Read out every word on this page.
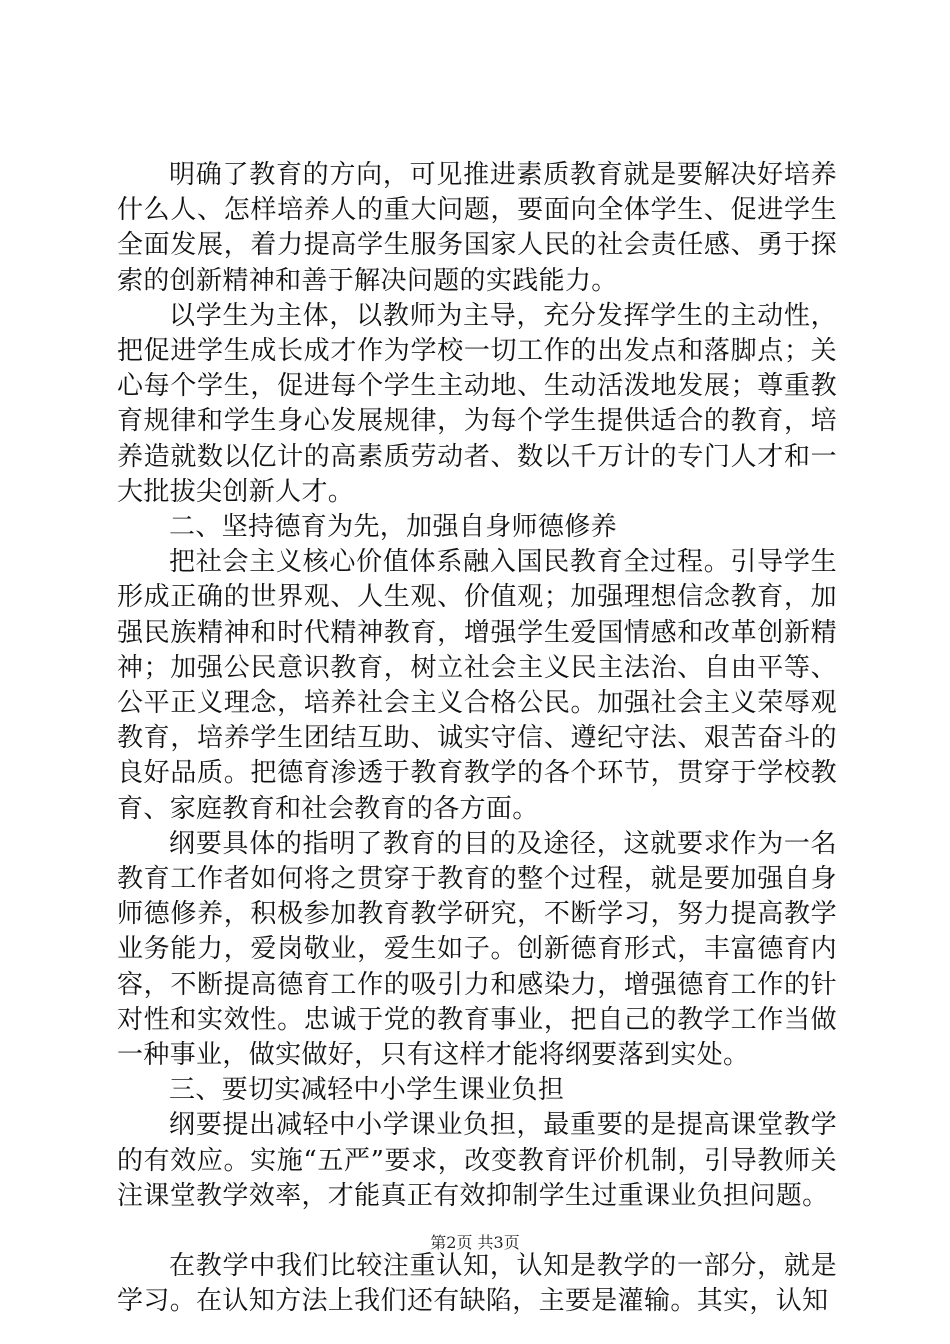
明确了教育的方向，可见推进素质教育就是要解决好培养什么人、怎样培养人的重大问题，要面向全体学生、促进学生全面发展，着力提高学生服务国家人民的社会责任感、勇于探索的创新精神和善于解决问题的实践能力。

以学生为主体，以教师为主导，充分发挥学生的主动性，把促进学生成长成才作为学校一切工作的出发点和落脚点；关心每个学生，促进每个学生主动地、生动活泼地发展；尊重教育规律和学生身心发展规律，为每个学生提供适合的教育，培养造就数以亿计的高素质劳动者、数以千万计的专门人才和一大批拔尖创新人才。

二、坚持德育为先，加强自身师德修养

把社会主义核心价值体系融入国民教育全过程。引导学生形成正确的世界观、人生观、价值观；加强理想信念教育，加强民族精神和时代精神教育，增强学生爱国情感和改革创新精神；加强公民意识教育，树立社会主义民主法治、自由平等、公平正义理念，培养社会主义合格公民。加强社会主义荣辱观教育，培养学生团结互助、诚实守信、遵纪守法、艰苦奋斗的良好品质。把德育渗透于教育教学的各个环节，贯穿于学校教育、家庭教育和社会教育的各方面。

纲要具体的指明了教育的目的及途径，这就要求作为一名教育工作者如何将之贯穿于教育的整个过程，就是要加强自身师德修养，积极参加教育教学研究，不断学习，努力提高教学业务能力，爱岗敬业，爱生如子。创新德育形式，丰富德育内容，不断提高德育工作的吸引力和感染力，增强德育工作的针对性和实效性。忠诚于党的教育事业，把自己的教学工作当做一种事业，做实做好，只有这样才能将纲要落到实处。

三、要切实减轻中小学生课业负担

纲要提出减轻中小学课业负担，最重要的是提高课堂教学的有效应。实施“五严”要求，改变教育评价机制，引导教师关注课堂教学效率，才能真正有效抑制学生过重课业负担问题。

在教学中我们比较注重认知，认知是教学的一部分，就是学习。在认知方法上我们还有缺陷，主要是灌输。其实，认知

第2页 共3页
